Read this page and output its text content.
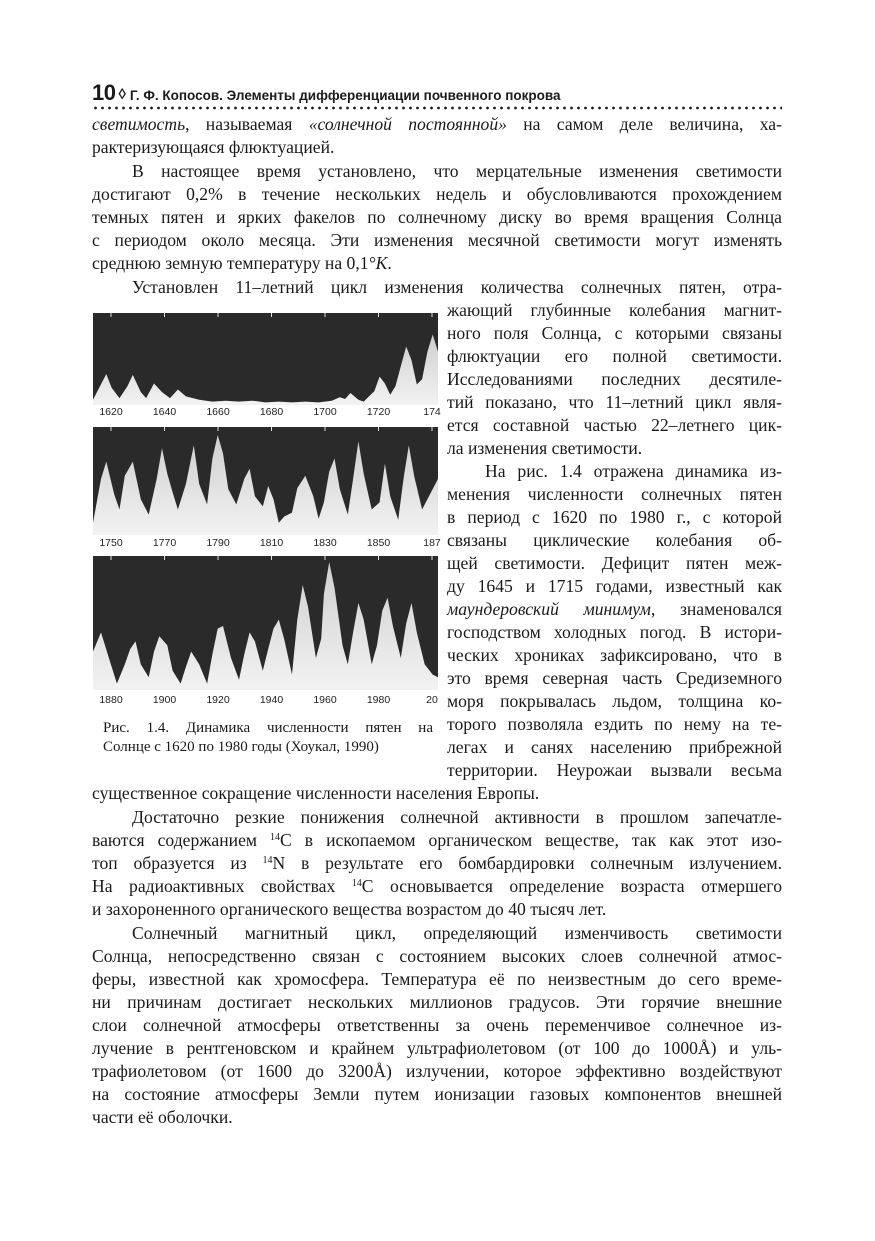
10 ◊ Г. Ф. Копосов. Элементы дифференциации почвенного покрова
светимость, называемая «солнечной постоянной» на самом деле величина, ха-
рактеризующаяся флюктуацией.
В настоящее время установлено, что мерцательные изменения светимости
достигают 0,2% в течение нескольких недель и обусловливаются прохождением
темных пятен и ярких факелов по солнечному диску во время вращения Солнца
с периодом около месяца. Эти изменения месячной светимости могут изменять
среднюю земную температуру на 0,1°K.
Установлен 11–летний цикл изменения количества солнечных пятен, отра-
жающий глубинные колебания магнит-
ного поля Солнца, с которыми связаны
флюктуации его полной светимости.
Исследованиями последних десятиле-
тий показано, что 11–летний цикл явля-
ется составной частью 22–летнего цик-
ла изменения светимости.
На рис. 1.4 отражена динамика из-
менения численности солнечных пятен
в период с 1620 по 1980 г., с которой
связаны циклические колебания об-
щей светимости. Дефицит пятен меж-
ду 1645 и 1715 годами, известный как
маундеровский минимум, знаменовался
господством холодных погод. В истори-
ческих хрониках зафиксировано, что в
это время северная часть Средиземного
моря покрывалась льдом, толщина ко-
торого позволяла ездить по нему на те-
легах и санях населению прибрежной
территории. Неурожаи вызвали весьма
существенное сокращение численности населения Европы.
Достаточно резкие понижения солнечной активности в прошлом запечатле-
ваются содержанием $^{14}$С в ископаемом органическом веществе, так как этот изо-
топ образуется из $^{14}$N в результате его бомбардировки солнечным излучением.
На радиоактивных свойствах $^{14}$С основывается определение возраста отмершего
и захороненного органического вещества возрастом до 40 тысяч лет.
Солнечный магнитный цикл, определяющий изменчивость светимости
Солнца, непосредственно связан с состоянием высоких слоев солнечной атмос-
феры, известной как хромосфера. Температура её по неизвестным до сего време-
ни причинам достигает нескольких миллионов градусов. Эти горячие внешние
слои солнечной атмосферы ответственны за очень переменчивое солнечное из-
лучение в рентгеновском и крайнем ультрафиолетовом (от 100 до 1000Å) и уль-
трафиолетовом (от 1600 до 3200Å) излучении, которое эффективно воздействуют
на состояние атмосферы Земли путем ионизации газовых компонентов внешней
части её оболочки.
1620	1640	1660	1680	1700	1720	174
1750	1770	1790	1810	1830	1850	187
1880	1900	1920	1940	1960	1980	20
Рис. 1.4. Динамика численности пятен на
Солнце с 1620 по 1980 годы (Хоукал, 1990)
